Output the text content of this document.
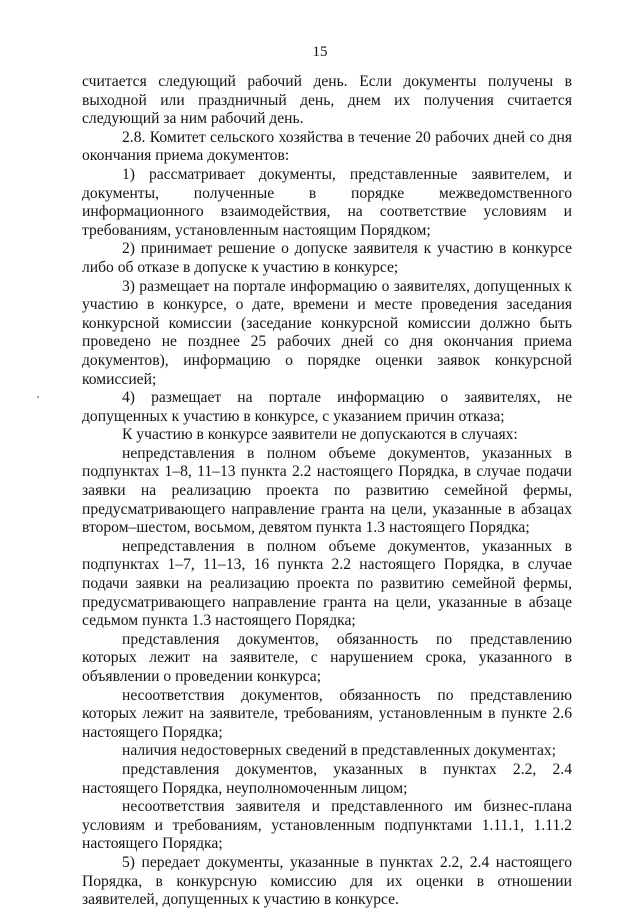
15

считается следующий рабочий день. Если документы получены в выходной или праздничный день, днем их получения считается следующий за ним рабочий день.

2.8. Комитет сельского хозяйства в течение 20 рабочих дней со дня окончания приема документов:

1) рассматривает документы, представленные заявителем, и документы, полученные в порядке межведомственного информационного взаимодействия, на соответствие условиям и требованиям, установленным настоящим Порядком;

2) принимает решение о допуске заявителя к участию в конкурсе либо об отказе в допуске к участию в конкурсе;

3) размещает на портале информацию о заявителях, допущенных к участию в конкурсе, о дате, времени и месте проведения заседания конкурсной комиссии (заседание конкурсной комиссии должно быть проведено не позднее 25 рабочих дней со дня окончания приема документов), информацию о порядке оценки заявок конкурсной комиссией;

4) размещает на портале информацию о заявителях, не допущенных к участию в конкурсе, с указанием причин отказа;

К участию в конкурсе заявители не допускаются в случаях:

непредставления в полном объеме документов, указанных в подпунктах 1–8, 11–13 пункта 2.2 настоящего Порядка, в случае подачи заявки на реализацию проекта по развитию семейной фермы, предусматривающего направление гранта на цели, указанные в абзацах втором–шестом, восьмом, девятом пункта 1.3 настоящего Порядка;

непредставления в полном объеме документов, указанных в подпунктах 1–7, 11–13, 16 пункта 2.2 настоящего Порядка, в случае подачи заявки на реализацию проекта по развитию семейной фермы, предусматривающего направление гранта на цели, указанные в абзаце седьмом пункта 1.3 настоящего Порядка;

представления документов, обязанность по представлению которых лежит на заявителе, с нарушением срока, указанного в объявлении о проведении конкурса;

несоответствия документов, обязанность по представлению которых лежит на заявителе, требованиям, установленным в пункте 2.6 настоящего Порядка;

наличия недостоверных сведений в представленных документах;

представления документов, указанных в пунктах 2.2, 2.4 настоящего Порядка, неуполномоченным лицом;

несоответствия заявителя и представленного им бизнес-плана условиям и требованиям, установленным подпунктами 1.11.1, 1.11.2 настоящего Порядка;

5) передает документы, указанные в пунктах 2.2, 2.4 настоящего Порядка, в конкурсную комиссию для их оценки в отношении заявителей, допущенных к участию в конкурсе.
